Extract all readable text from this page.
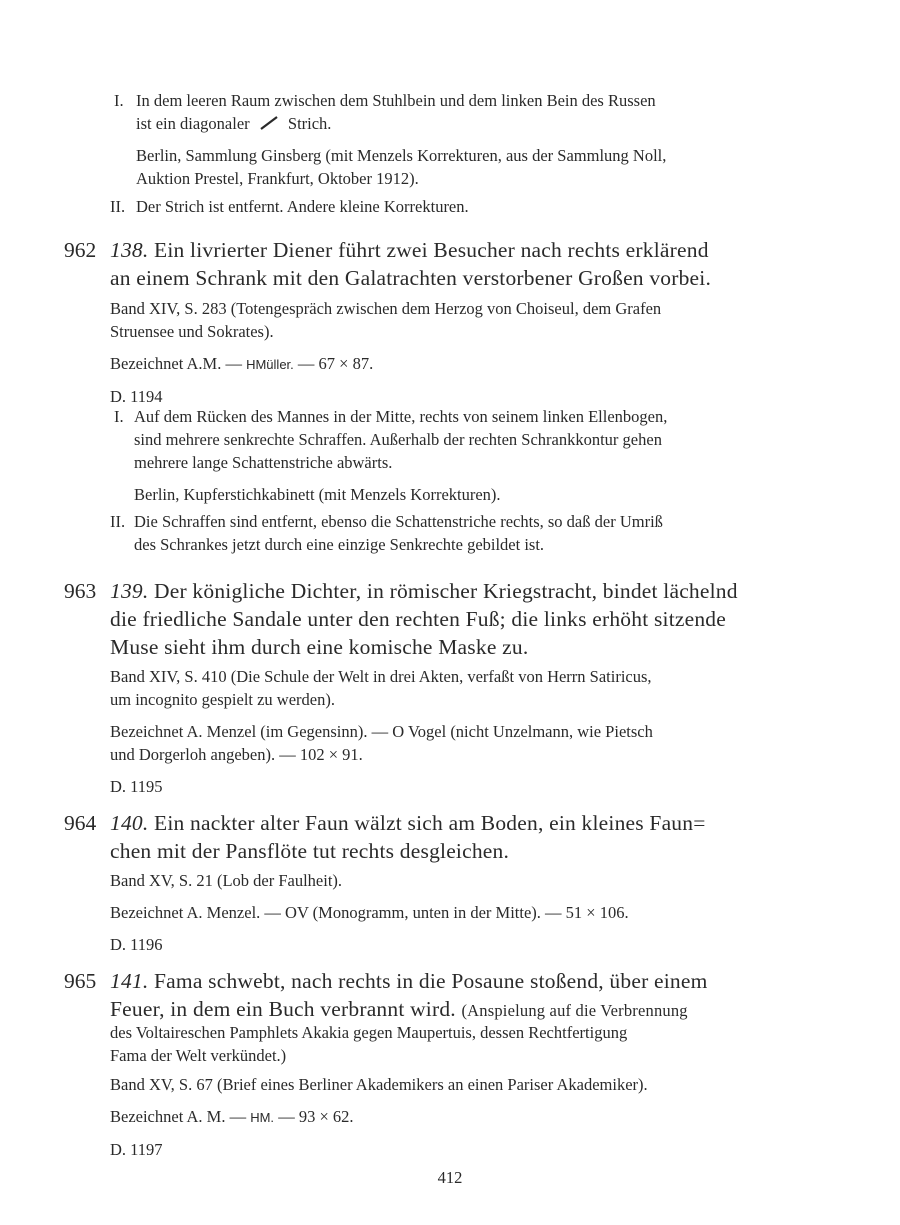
I. In dem leeren Raum zwischen dem Stuhlbein und dem linken Bein des Russen
ist ein diagonaler Strich.
Berlin, Sammlung Ginsberg (mit Menzels Korrekturen, aus der Sammlung Noll,
Auktion Prestel, Frankfurt, Oktober 1912).
II. Der Strich ist entfernt. Andere kleine Korrekturen.
962 138. Ein livrierter Diener führt zwei Besucher nach rechts erklärend
an einem Schrank mit den Galatrachten verstorbener Großen vorbei.
Band XIV, S. 283 (Totengespräch zwischen dem Herzog von Choiseul, dem Grafen
Struensee und Sokrates).
Bezeichnet A.M. — HMüller. — 67 × 87.
D. 1194
I. Auf dem Rücken des Mannes in der Mitte, rechts von seinem linken Ellenbogen,
sind mehrere senkrechte Schraffen. Außerhalb der rechten Schrankkontur gehen
mehrere lange Schattenstriche abwärts.
Berlin, Kupferstichkabinett (mit Menzels Korrekturen).
II. Die Schraffen sind entfernt, ebenso die Schattenstriche rechts, so daß der Umriß
des Schrankes jetzt durch eine einzige Senkrechte gebildet ist.
963 139. Der königliche Dichter, in römischer Kriegstracht, bindet lächelnd
die friedliche Sandale unter den rechten Fuß; die links erhöht sitzende
Muse sieht ihm durch eine komische Maske zu.
Band XIV, S. 410 (Die Schule der Welt in drei Akten, verfaßt von Herrn Satiricus,
um incognito gespielt zu werden).
Bezeichnet A. Menzel (im Gegensinn). — O Vogel (nicht Unzelmann, wie Pietsch
und Dorgerloh angeben). — 102 × 91.
D. 1195
964 140. Ein nackter alter Faun wälzt sich am Boden, ein kleines Faun=
chen mit der Pansflöte tut rechts desgleichen.
Band XV, S. 21 (Lob der Faulheit).
Bezeichnet A. Menzel. — OV (Monogramm, unten in der Mitte). — 51 × 106.
D. 1196
965 141. Fama schwebt, nach rechts in die Posaune stoßend, über einem
Feuer, in dem ein Buch verbrannt wird. (Anspielung auf die Verbrennung
des Voltaireschen Pamphlets Akakia gegen Maupertuis, dessen Rechtfertigung
Fama der Welt verkündet.)
Band XV, S. 67 (Brief eines Berliner Akademikers an einen Pariser Akademiker).
Bezeichnet A. M. — HM. — 93 × 62.
D. 1197
412
